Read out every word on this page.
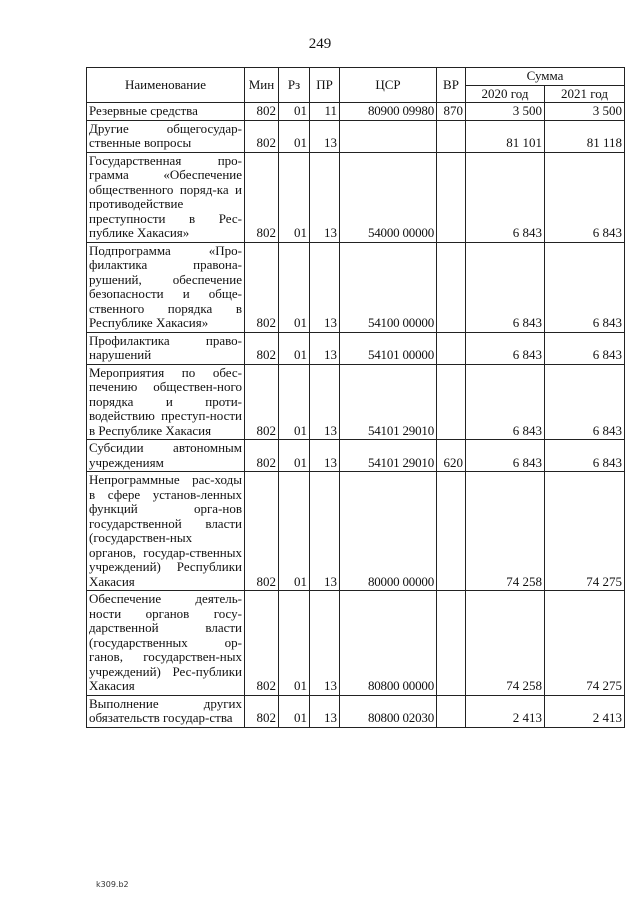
249
Наименование	Мин	Рз	ПР	ЦСР	ВР	Сумма	
						2020 год	2021 год
Резервные средства	802	01	11	80900 09980	870	3 500	3 500
Другие общегосудар-ственные вопросы	802	01	13			81 101	81 118
Государственная про-грамма «Обеспечение общественного поряд-ка и противодействие преступности в Рес-публике Хакасия»	802	01	13	54000 00000		6 843	6 843
Подпрограмма «Про-филактика правона-рушений, обеспечение безопасности и обще-ственного порядка в Республике Хакасия»	802	01	13	54100 00000		6 843	6 843
Профилактика право-нарушений	802	01	13	54101 00000		6 843	6 843
Мероприятия по обес-печению обществен-ного порядка и проти-водействию преступ-ности в Республике Хакасия	802	01	13	54101 29010		6 843	6 843
Субсидии автономным учреждениям	802	01	13	54101 29010	620	6 843	6 843
Непрограммные рас-ходы в сфере установ-ленных функций орга-нов государственной власти (государствен-ных органов, государ-ственных учреждений) Республики Хакасия	802	01	13	80000 00000		74 258	74 275
Обеспечение деятель-ности органов госу-дарственной власти (государственных ор-ганов, государствен-ных учреждений) Рес-публики Хакасия	802	01	13	80800 00000		74 258	74 275
Выполнение других обязательств государ-ства	802	01	13	80800 02030		2 413	2 413
k309.b2
